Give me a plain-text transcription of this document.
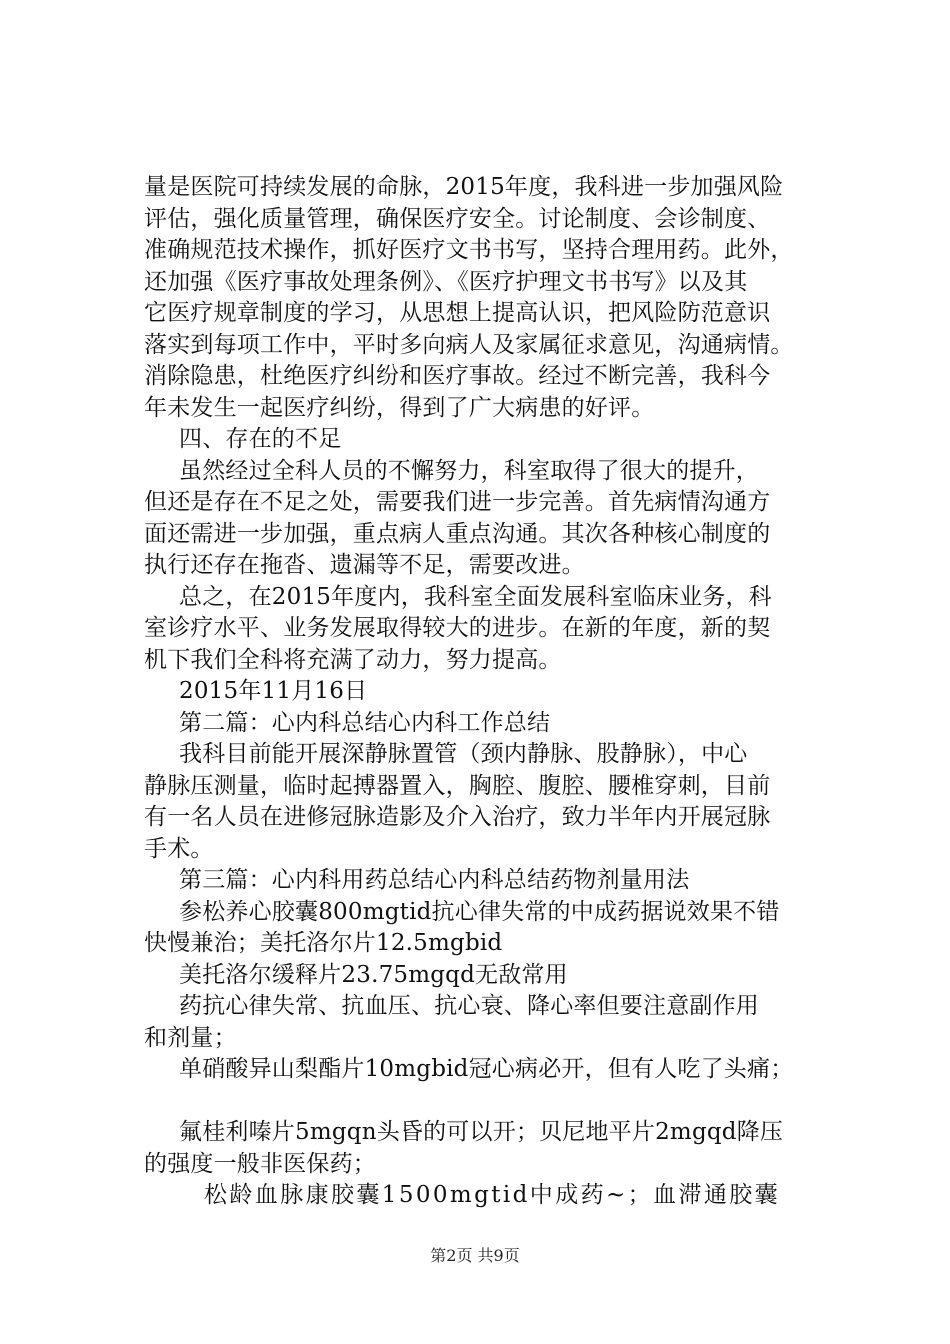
量是医院可持续发展的命脉，2015年度，我科进一步加强风险
评估，强化质量管理，确保医疗安全。讨论制度、会诊制度、
准确规范技术操作，抓好医疗文书书写，坚持合理用药。此外，
还加强《医疗事故处理条例》、《医疗护理文书书写》以及其
它医疗规章制度的学习，从思想上提高认识，把风险防范意识
落实到每项工作中，平时多向病人及家属征求意见，沟通病情。
消除隐患，杜绝医疗纠纷和医疗事故。经过不断完善，我科今
年未发生一起医疗纠纷，得到了广大病患的好评。
四、存在的不足
虽然经过全科人员的不懈努力，科室取得了很大的提升，
但还是存在不足之处，需要我们进一步完善。首先病情沟通方
面还需进一步加强，重点病人重点沟通。其次各种核心制度的
执行还存在拖沓、遗漏等不足，需要改进。
总之，在2015年度内，我科室全面发展科室临床业务，科
室诊疗水平、业务发展取得较大的进步。在新的年度，新的契
机下我们全科将充满了动力，努力提高。
2015年11月16日
第二篇：心内科总结心内科工作总结
我科目前能开展深静脉置管（颈内静脉、股静脉），中心
静脉压测量，临时起搏器置入，胸腔、腹腔、腰椎穿刺，目前
有一名人员在进修冠脉造影及介入治疗，致力半年内开展冠脉
手术。
第三篇：心内科用药总结心内科总结药物剂量用法
参松养心胶囊800mgtid抗心律失常的中成药据说效果不错
快慢兼治；美托洛尔片12.5mgbid
美托洛尔缓释片23.75mgqd无敌常用
药抗心律失常、抗血压、抗心衰、降心率但要注意副作用
和剂量；
单硝酸异山梨酯片10mgbid冠心病必开，但有人吃了头痛；
氟桂利嗪片5mgqn头昏的可以开；贝尼地平片2mgqd降压
的强度一般非医保药；
松龄血脉康胶囊1500mgtid中成药~；血滞通胶囊
第2页 共9页
